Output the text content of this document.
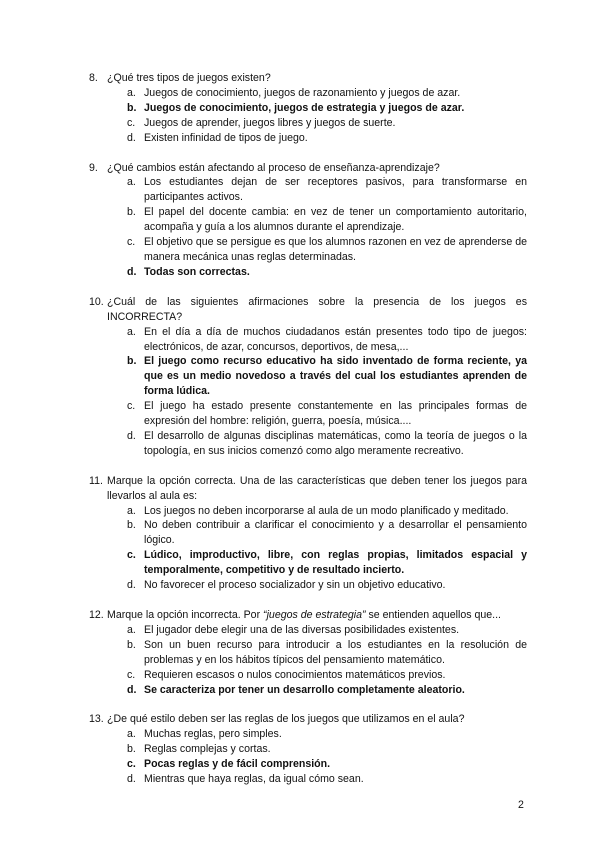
8. ¿Qué tres tipos de juegos existen?
a. Juegos de conocimiento, juegos de razonamiento y juegos de azar.
b. Juegos de conocimiento, juegos de estrategia y juegos de azar.
c. Juegos de aprender, juegos libres y juegos de suerte.
d. Existen infinidad de tipos de juego.
9. ¿Qué cambios están afectando al proceso de enseñanza-aprendizaje?
a. Los estudiantes dejan de ser receptores pasivos, para transformarse en participantes activos.
b. El papel del docente cambia: en vez de tener un comportamiento autoritario, acompaña y guía a los alumnos durante el aprendizaje.
c. El objetivo que se persigue es que los alumnos razonen en vez de aprenderse de manera mecánica unas reglas determinadas.
d. Todas son correctas.
10. ¿Cuál de las siguientes afirmaciones sobre la presencia de los juegos es INCORRECTA?
a. En el día a día de muchos ciudadanos están presentes todo tipo de juegos: electrónicos, de azar, concursos, deportivos, de mesa,...
b. El juego como recurso educativo ha sido inventado de forma reciente, ya que es un medio novedoso a través del cual los estudiantes aprenden de forma lúdica.
c. El juego ha estado presente constantemente en las principales formas de expresión del hombre: religión, guerra, poesía, música....
d. El desarrollo de algunas disciplinas matemáticas, como la teoría de juegos o la topología, en sus inicios comenzó como algo meramente recreativo.
11. Marque la opción correcta. Una de las características que deben tener los juegos para llevarlos al aula es:
a. Los juegos no deben incorporarse al aula de un modo planificado y meditado.
b. No deben contribuir a clarificar el conocimiento y a desarrollar el pensamiento lógico.
c. Lúdico, improductivo, libre, con reglas propias, limitados espacial y temporalmente, competitivo y de resultado incierto.
d. No favorecer el proceso socializador y sin un objetivo educativo.
12. Marque la opción incorrecta. Por “juegos de estrategia” se entienden aquellos que...
a. El jugador debe elegir una de las diversas posibilidades existentes.
b. Son un buen recurso para introducir a los estudiantes en la resolución de problemas y en los hábitos típicos del pensamiento matemático.
c. Requieren escasos o nulos conocimientos matemáticos previos.
d. Se caracteriza por tener un desarrollo completamente aleatorio.
13. ¿De qué estilo deben ser las reglas de los juegos que utilizamos en el aula?
a. Muchas reglas, pero simples.
b. Reglas complejas y cortas.
c. Pocas reglas y de fácil comprensión.
d. Mientras que haya reglas, da igual cómo sean.
2
